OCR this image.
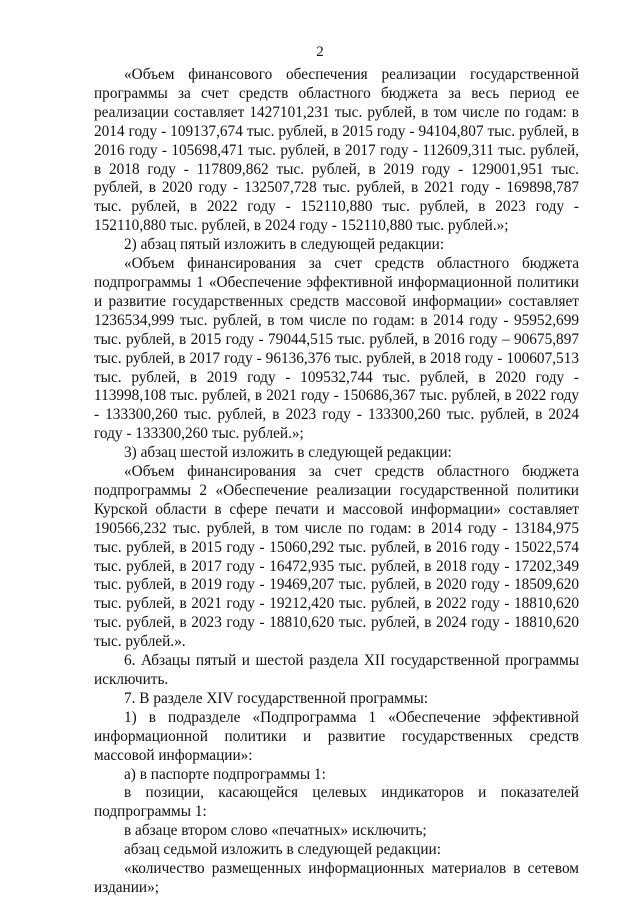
2

«Объем финансового обеспечения реализации государственной программы за счет средств областного бюджета за весь период ее реализации составляет 1427101,231 тыс. рублей, в том числе по годам: в 2014 году - 109137,674 тыс. рублей, в 2015 году - 94104,807 тыс. рублей, в 2016 году - 105698,471 тыс. рублей, в 2017 году - 112609,311 тыс. рублей, в 2018 году - 117809,862 тыс. рублей, в 2019 году - 129001,951 тыс. рублей, в 2020 году - 132507,728 тыс. рублей, в 2021 году - 169898,787 тыс. рублей, в 2022 году - 152110,880 тыс. рублей, в 2023 году - 152110,880 тыс. рублей, в 2024 году - 152110,880 тыс. рублей.»;

2) абзац пятый изложить в следующей редакции:

«Объем финансирования за счет средств областного бюджета подпрограммы 1 «Обеспечение эффективной информационной политики и развитие государственных средств массовой информации» составляет 1236534,999 тыс. рублей, в том числе по годам: в 2014 году - 95952,699 тыс. рублей, в 2015 году - 79044,515 тыс. рублей, в 2016 году – 90675,897 тыс. рублей, в 2017 году - 96136,376 тыс. рублей, в 2018 году - 100607,513 тыс. рублей, в 2019 году - 109532,744 тыс. рублей, в 2020 году - 113998,108 тыс. рублей, в 2021 году - 150686,367 тыс. рублей, в 2022 году - 133300,260 тыс. рублей, в 2023 году - 133300,260 тыс. рублей, в 2024 году - 133300,260 тыс. рублей.»;

3) абзац шестой изложить в следующей редакции:

«Объем финансирования за счет средств областного бюджета подпрограммы 2 «Обеспечение реализации государственной политики Курской области в сфере печати и массовой информации» составляет 190566,232 тыс. рублей, в том числе по годам: в 2014 году - 13184,975 тыс. рублей, в 2015 году - 15060,292 тыс. рублей, в 2016 году - 15022,574 тыс. рублей, в 2017 году - 16472,935 тыс. рублей, в 2018 году - 17202,349 тыс. рублей, в 2019 году - 19469,207 тыс. рублей, в 2020 году - 18509,620 тыс. рублей, в 2021 году - 19212,420 тыс. рублей, в 2022 году - 18810,620 тыс. рублей, в 2023 году - 18810,620 тыс. рублей, в 2024 году - 18810,620 тыс. рублей.».

6. Абзацы пятый и шестой раздела XII государственной программы исключить.

7. В разделе XIV государственной программы:

1) в подразделе «Подпрограмма 1 «Обеспечение эффективной информационной политики и развитие государственных средств массовой информации»:

а) в паспорте подпрограммы 1:

в позиции, касающейся целевых индикаторов и показателей подпрограммы 1:

в абзаце втором слово «печатных» исключить;

абзац седьмой изложить в следующей редакции:

«количество размещенных информационных материалов в сетевом издании»;
